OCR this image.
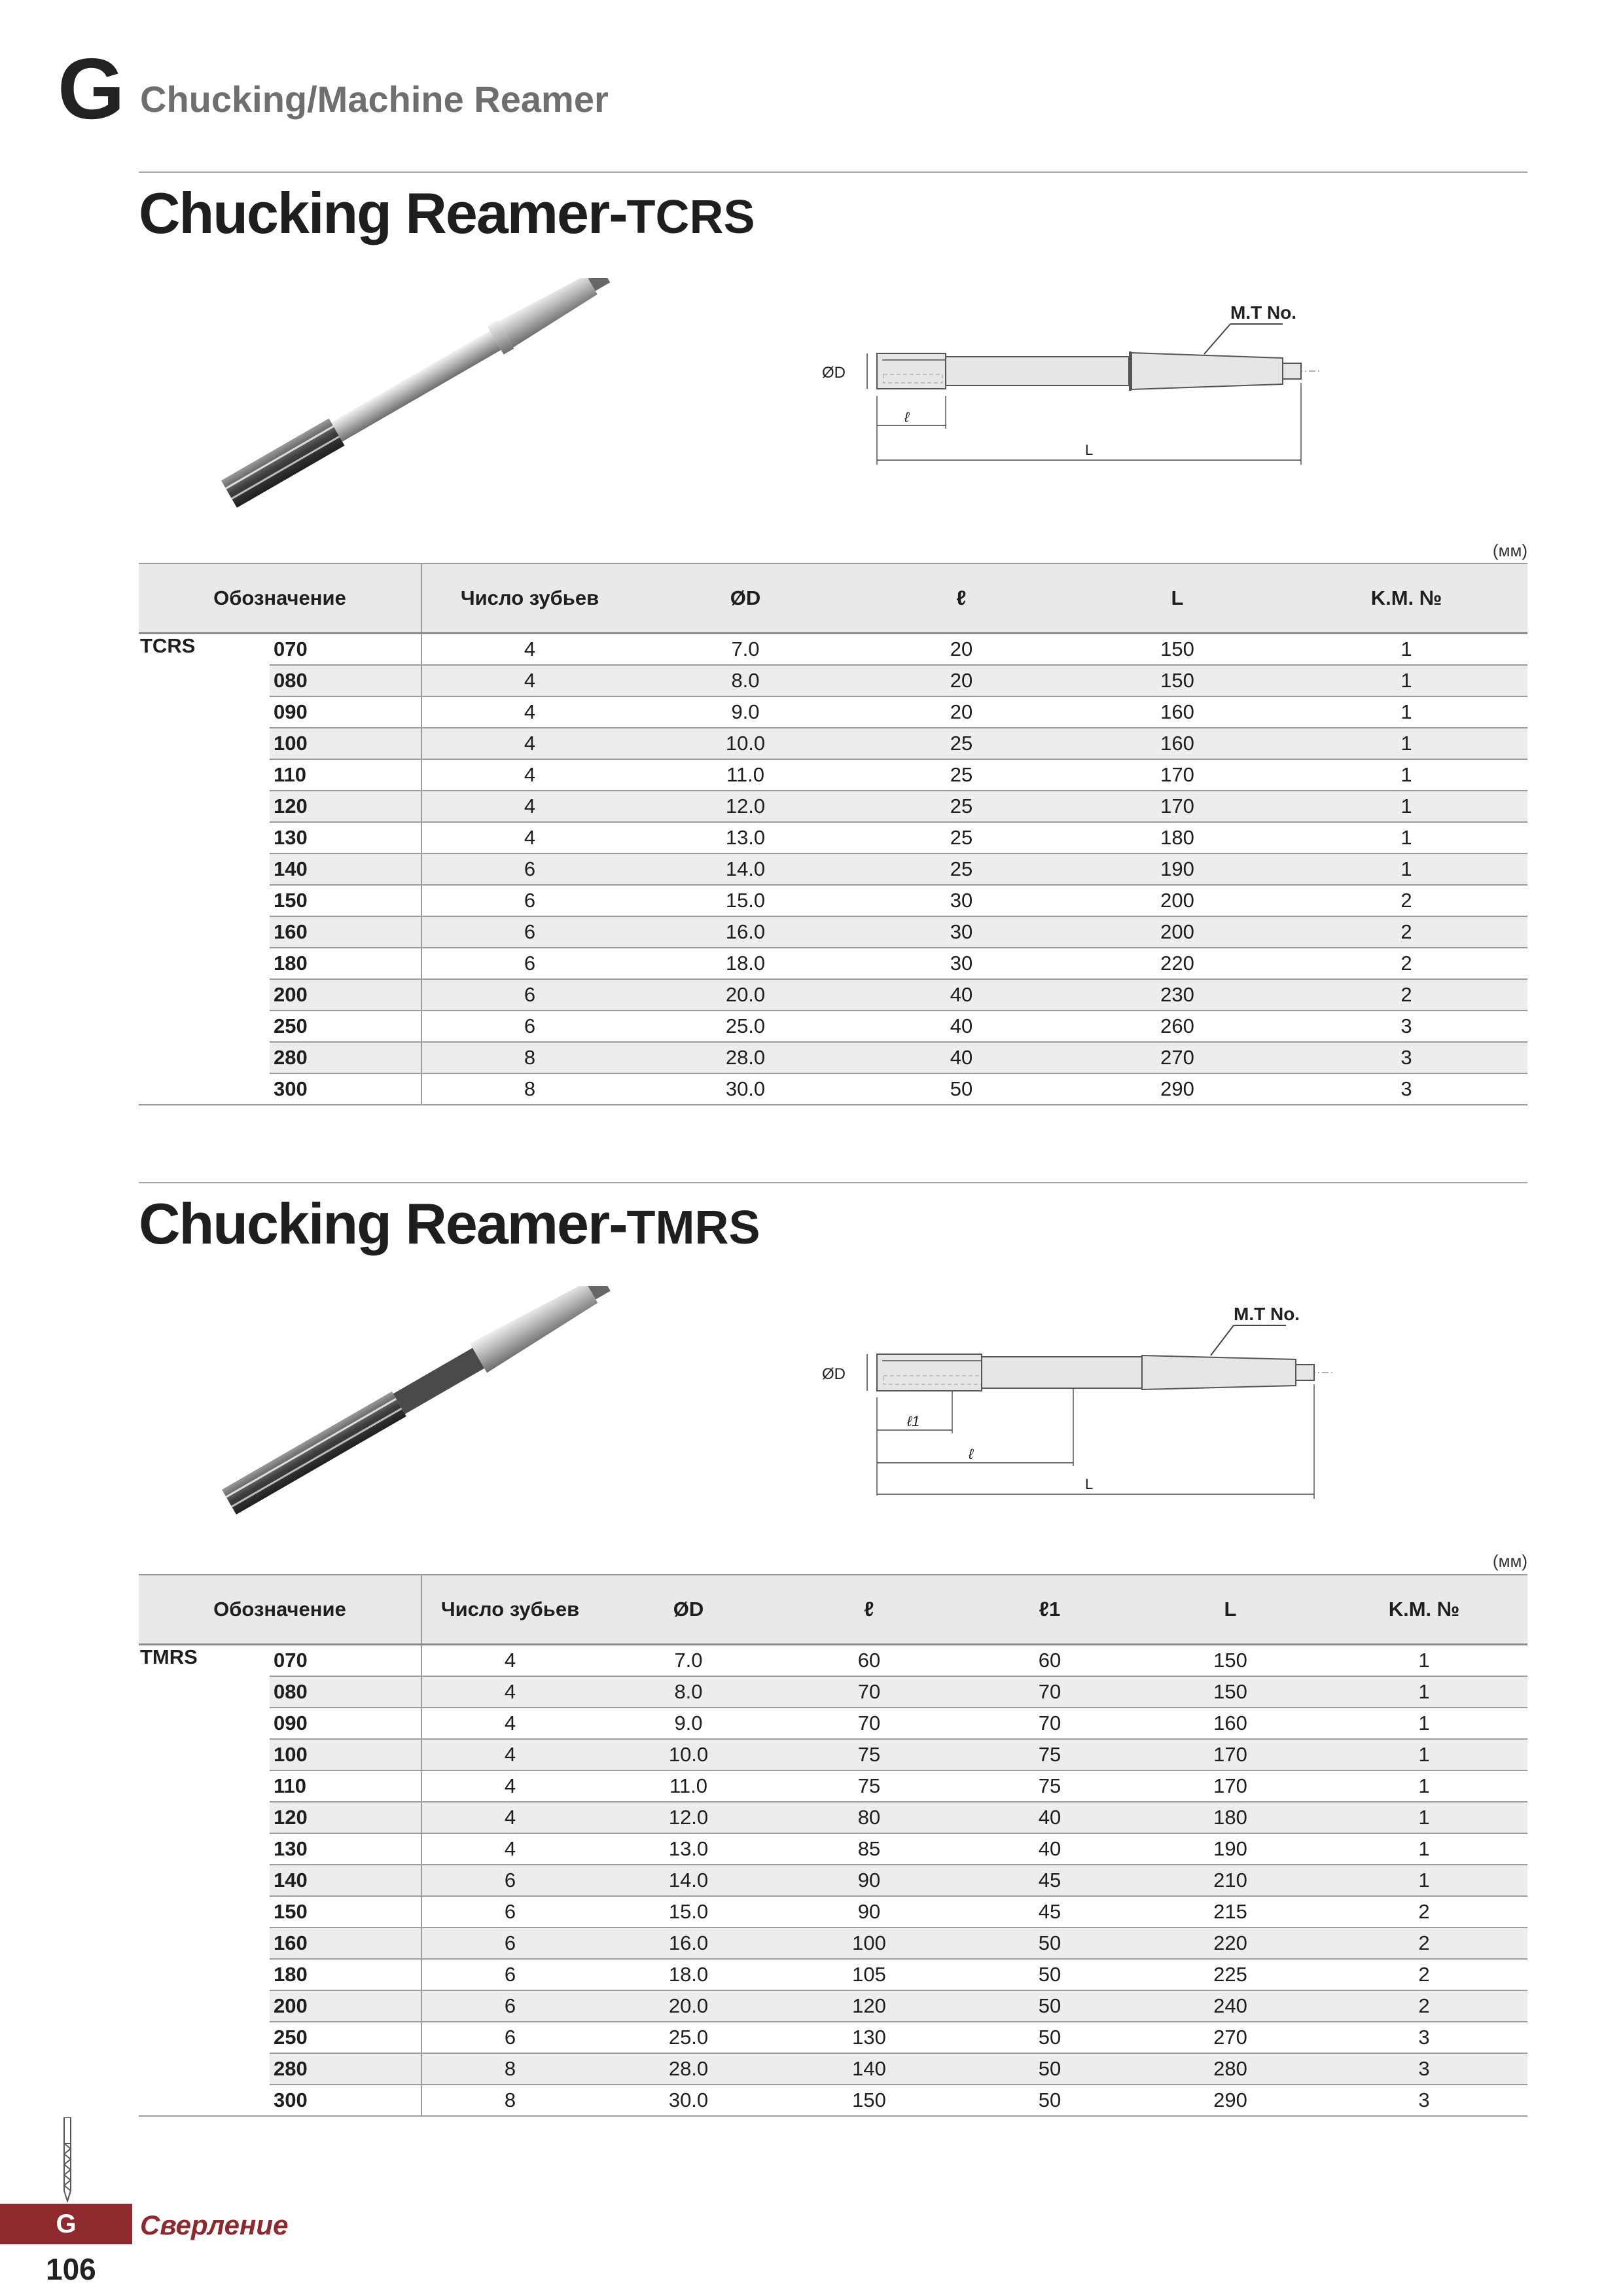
G Chucking/Machine Reamer
Chucking Reamer-TCRS
M.T No.
ØD
ℓ
L
(мм)
Обозначение		Число зубьев	ØD	ℓ	L	K.M. №
TCRS	070	4	7.0	20	150	1
	080	4	8.0	20	150	1
	090	4	9.0	20	160	1
	100	4	10.0	25	160	1
	110	4	11.0	25	170	1
	120	4	12.0	25	170	1
	130	4	13.0	25	180	1
	140	6	14.0	25	190	1
	150	6	15.0	30	200	2
	160	6	16.0	30	200	2
	180	6	18.0	30	220	2
	200	6	20.0	40	230	2
	250	6	25.0	40	260	3
	280	8	28.0	40	270	3
	300	8	30.0	50	290	3
Chucking Reamer-TMRS
M.T No.
ØD
ℓ1
ℓ
L
(мм)
Обозначение		Число зубьев	ØD	ℓ	ℓ1	L	K.M. №
TMRS	070	4	7.0	60	60	150	1
	080	4	8.0	70	70	150	1
	090	4	9.0	70	70	160	1
	100	4	10.0	75	75	170	1
	110	4	11.0	75	75	170	1
	120	4	12.0	80	40	180	1
	130	4	13.0	85	40	190	1
	140	6	14.0	90	45	210	1
	150	6	15.0	90	45	215	2
	160	6	16.0	100	50	220	2
	180	6	18.0	105	50	225	2
	200	6	20.0	120	50	240	2
	250	6	25.0	130	50	270	3
	280	8	28.0	140	50	280	3
	300	8	30.0	150	50	290	3
G	Сверление
106
